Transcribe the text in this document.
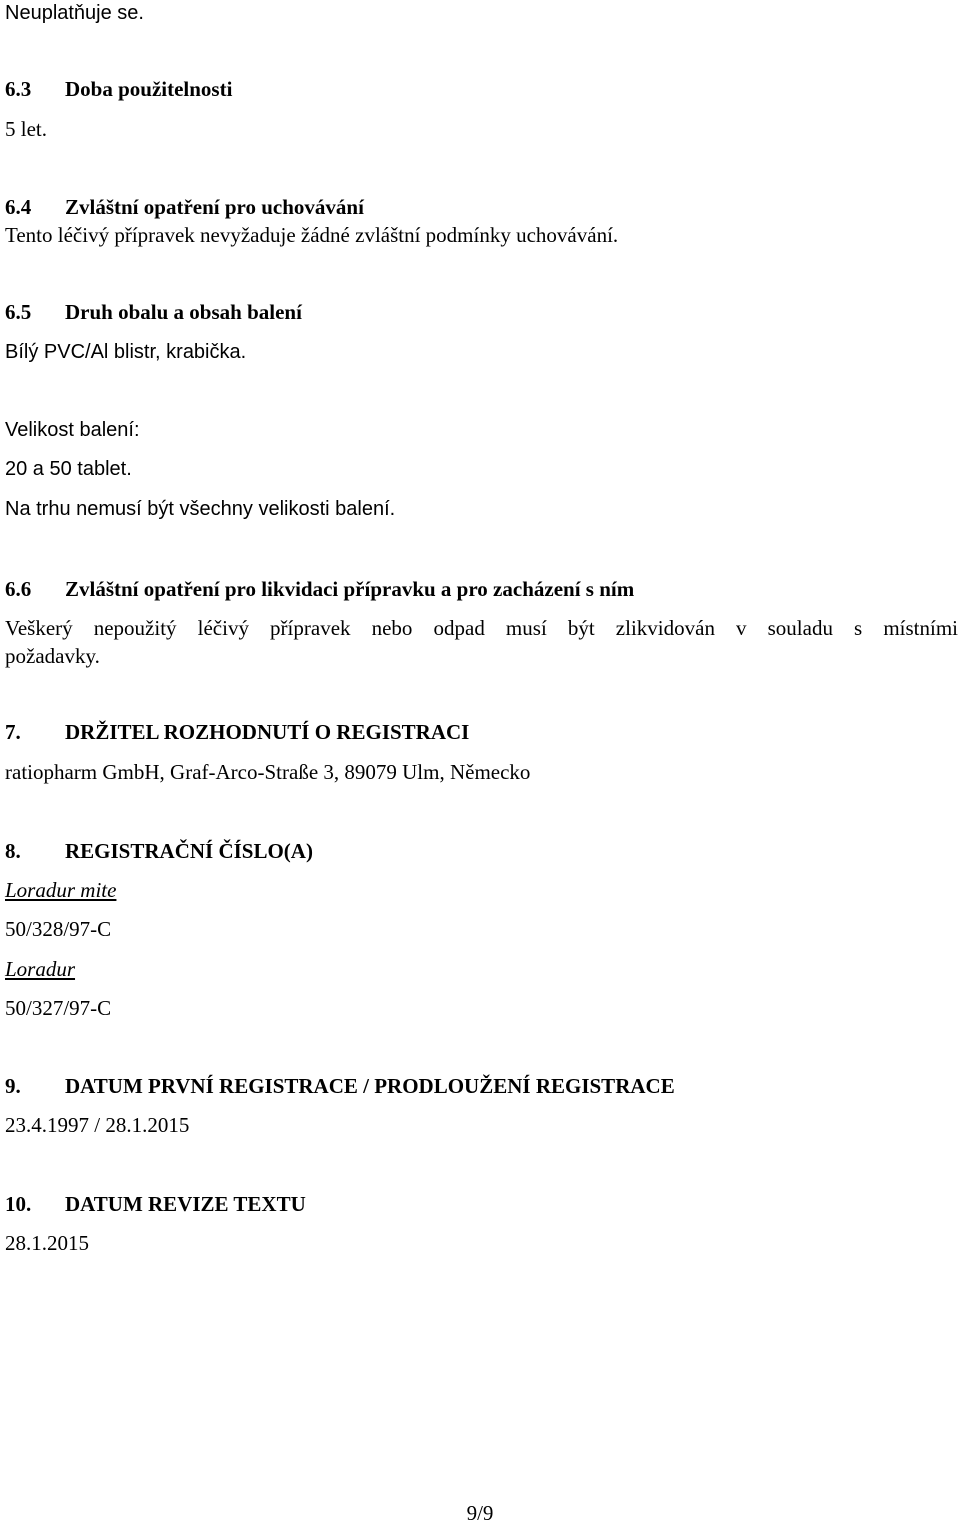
Neuplatňuje se.
6.3 Doba použitelnosti
5 let.
6.4 Zvláštní opatření pro uchovávání
Tento léčivý přípravek nevyžaduje žádné zvláštní podmínky uchovávání.
6.5 Druh obalu a obsah balení
Bílý PVC/Al blistr, krabička.
Velikost balení:
20 a 50 tablet.
Na trhu nemusí být všechny velikosti balení.
6.6 Zvláštní opatření pro likvidaci přípravku a pro zacházení s ním
Veškerý nepoužitý léčivý přípravek nebo odpad musí být zlikvidován v souladu s místními
požadavky.
7. DRŽITEL ROZHODNUTÍ O REGISTRACI
ratiopharm GmbH, Graf-Arco-Straße 3, 89079 Ulm, Německo
8. REGISTRAČNÍ ČÍSLO(A)
Loradur mite
50/328/97-C
Loradur
50/327/97-C
9. DATUM PRVNÍ REGISTRACE / PRODLOUŽENÍ REGISTRACE
23.4.1997 / 28.1.2015
10. DATUM REVIZE TEXTU
28.1.2015
9/9
